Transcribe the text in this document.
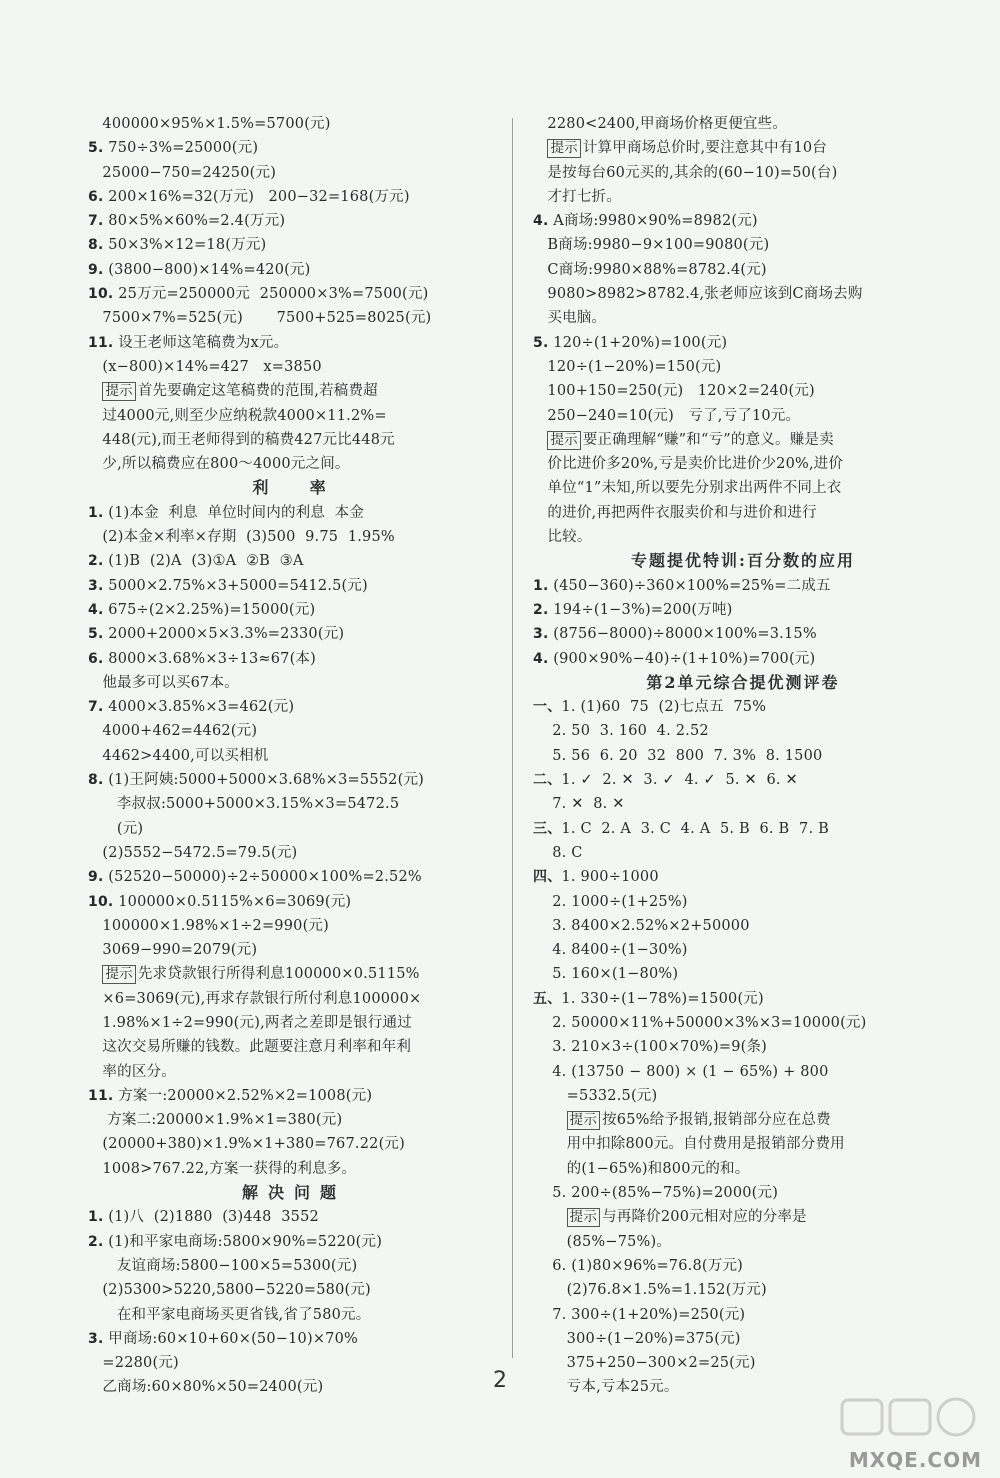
400000×95%×1.5%=5700(元)
5. 750÷3%=25000(元)
25000−750=24250(元)
6. 200×16%=32(万元)   200−32=168(万元)
7. 80×5%×60%=2.4(万元)
8. 50×3%×12=18(万元)
9. (3800−800)×14%=420(元)
10. 25万元=250000元  250000×3%=7500(元)
7500×7%=525(元)       7500+525=8025(元)
11. 设王老师这笔稿费为x元。
(x−800)×14%=427   x=3850
提示 首先要确定这笔稿费的范围,若稿费超
过4000元,则至少应纳税款4000×11.2%=
448(元),而王老师得到的稿费427元比448元
少,所以稿费应在800～4000元之间。
利  率
1. (1)本金  利息  单位时间内的利息  本金
(2)本金×利率×存期  (3)500  9.75  1.95%
2. (1)B  (2)A  (3)①A  ②B  ③A
3. 5000×2.75%×3+5000=5412.5(元)
4. 675÷(2×2.25%)=15000(元)
5. 2000+2000×5×3.3%=2330(元)
6. 8000×3.68%×3÷13≈67(本)
他最多可以买67本。
7. 4000×3.85%×3=462(元)
4000+462=4462(元)
4462>4400,可以买相机
8. (1)王阿姨:5000+5000×3.68%×3=5552(元)
李叔叔:5000+5000×3.15%×3=5472.5
(元)
(2)5552−5472.5=79.5(元)
9. (52520−50000)÷2÷50000×100%=2.52%
10. 100000×0.5115%×6=3069(元)
100000×1.98%×1÷2=990(元)
3069−990=2079(元)
提示 先求贷款银行所得利息100000×0.5115%
×6=3069(元),再求存款银行所付利息100000×
1.98%×1÷2=990(元),两者之差即是银行通过
这次交易所赚的钱数。此题要注意月利率和年利
率的区分。
11. 方案一:20000×2.52%×2=1008(元)
方案二:20000×1.9%×1=380(元)
(20000+380)×1.9%×1+380=767.22(元)
1008>767.22,方案一获得的利息多。
解决问题
1. (1)八  (2)1880  (3)448  3552
2. (1)和平家电商场:5800×90%=5220(元)
友谊商场:5800−100×5=5300(元)
(2)5300>5220,5800−5220=580(元)
在和平家电商场买更省钱,省了580元。
3. 甲商场:60×10+60×(50−10)×70%
=2280(元)
乙商场:60×80%×50=2400(元)
2280<2400,甲商场价格更便宜些。
提示 计算甲商场总价时,要注意其中有10台
是按每台60元买的,其余的(60−10)=50(台)
才打七折。
4. A商场:9980×90%=8982(元)
B商场:9980−9×100=9080(元)
C商场:9980×88%=8782.4(元)
9080>8982>8782.4,张老师应该到C商场去购
买电脑。
5. 120÷(1+20%)=100(元)
120÷(1−20%)=150(元)
100+150=250(元)   120×2=240(元)
250−240=10(元)   亏了,亏了10元。
提示 要正确理解“赚”和“亏”的意义。赚是卖
价比进价多20%,亏是卖价比进价少20%,进价
单位“1”未知,所以要先分别求出两件不同上衣
的进价,再把两件衣服卖价和与进价和进行
比较。
专题提优特训:百分数的应用
1. (450−360)÷360×100%=25%=二成五
2. 194÷(1−3%)=200(万吨)
3. (8756−8000)÷8000×100%=3.15%
4. (900×90%−40)÷(1+10%)=700(元)
第2单元综合提优测评卷
一、1. (1)60  75  (2)七点五  75%
2. 50  3. 160  4. 2.52
5. 56  6. 20  32  800  7. 3%  8. 1500
二、1. ✓  2. ✕  3. ✓  4. ✓  5. ✕  6. ✕
7. ✕  8. ✕
三、1. C  2. A  3. C  4. A  5. B  6. B  7. B
8. C
四、1. 900÷1000
2. 1000÷(1+25%)
3. 8400×2.52%×2+50000
4. 8400÷(1−30%)
5. 160×(1−80%)
五、1. 330÷(1−78%)=1500(元)
2. 50000×11%+50000×3%×3=10000(元)
3. 210×3÷(100×70%)=9(条)
4. (13750 − 800) × (1 − 65%) + 800
=5332.5(元)
提示 按65%给予报销,报销部分应在总费
用中扣除800元。自付费用是报销部分费用
的(1−65%)和800元的和。
5. 200÷(85%−75%)=2000(元)
提示 与再降价200元相对应的分率是
(85%−75%)。
6. (1)80×96%=76.8(万元)
(2)76.8×1.5%=1.152(万元)
7. 300÷(1+20%)=250(元)
300÷(1−20%)=375(元)
375+250−300×2=25(元)
亏本,亏本25元。
2
MXQE.COM
